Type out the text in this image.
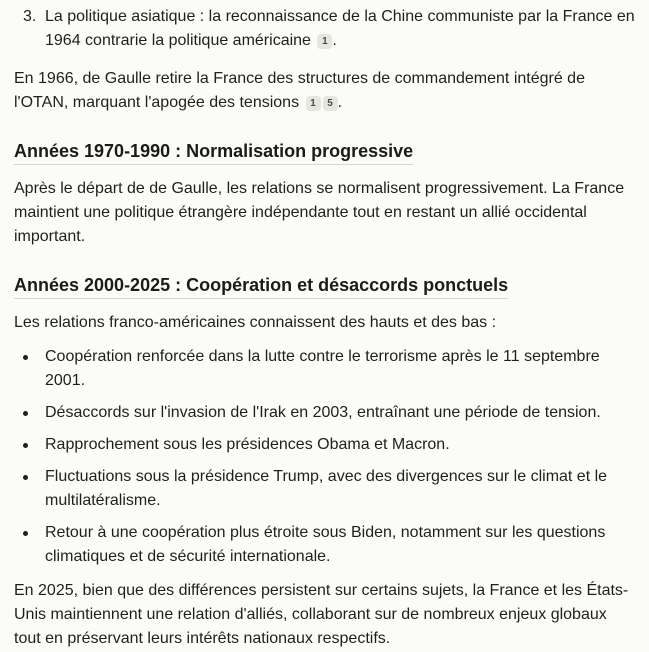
3. La politique asiatique : la reconnaissance de la Chine communiste par la France en 1964 contrarie la politique américaine 1 .

En 1966, de Gaulle retire la France des structures de commandement intégré de l'OTAN, marquant l'apogée des tensions 1 5 .

Années 1970-1990 : Normalisation progressive

Après le départ de de Gaulle, les relations se normalisent progressivement. La France maintient une politique étrangère indépendante tout en restant un allié occidental important.

Années 2000-2025 : Coopération et désaccords ponctuels

Les relations franco-américaines connaissent des hauts et des bas :

Coopération renforcée dans la lutte contre le terrorisme après le 11 septembre 2001.
Désaccords sur l'invasion de l'Irak en 2003, entraînant une période de tension.
Rapprochement sous les présidences Obama et Macron.
Fluctuations sous la présidence Trump, avec des divergences sur le climat et le multilatéralisme.
Retour à une coopération plus étroite sous Biden, notamment sur les questions climatiques et de sécurité internationale.

En 2025, bien que des différences persistent sur certains sujets, la France et les États-Unis maintiennent une relation d'alliés, collaborant sur de nombreux enjeux globaux tout en préservant leurs intérêts nationaux respectifs.
